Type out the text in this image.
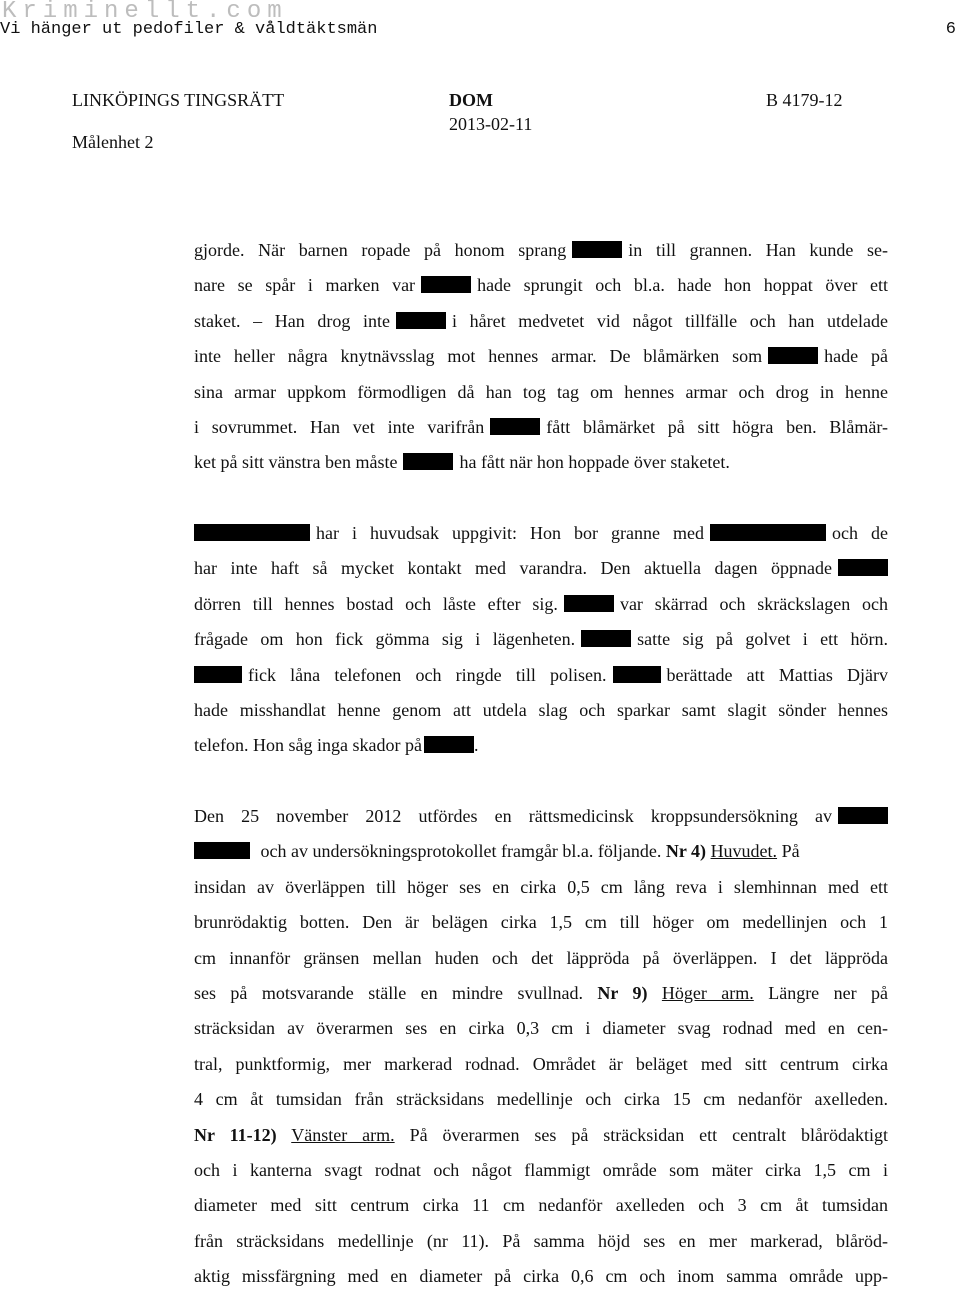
Kriminellt.com
Vi hänger ut pedofiler & våldtäktsmän	6
LINKÖPINGS TINGSRÄTT
Målenhet 2
DOM
2013-02-11
B 4179-12
gjorde. När barnen ropade på honom sprang	in till grannen. Han kunde se-
nare se spår i marken var	hade sprungit och bl.a. hade hon hoppat över ett
staket. – Han drog inte	i håret medvetet vid något tillfälle och han utdelade
inte heller några knytnävsslag mot hennes armar. De blåmärken som	hade på
sina armar uppkom förmodligen då han tog tag om hennes armar och drog in henne
i sovrummet. Han vet inte varifrån	fått blåmärket på sitt högra ben. Blåmär-
ket på sitt vänstra ben måste	ha fått när hon hoppade över staketet.
har i huvudsak uppgivit: Hon bor granne med	och de
har inte haft så mycket kontakt med varandra. Den aktuella dagen öppnade
dörren till hennes bostad och låste efter sig.	var skärrad och skräckslagen och
frågade om hon fick gömma sig i lägenheten.	satte sig på golvet i ett hörn.
fick låna telefonen och ringde till polisen.	berättade att Mattias Djärv
hade misshandlat henne genom att utdela slag och sparkar samt slagit sönder hennes
telefon. Hon såg inga skador på	.
Den 25 november 2012 utfördes en rättsmedicinsk kroppsundersökning av
och av undersökningsprotokollet framgår bl.a. följande. Nr 4) Huvudet. På
insidan av överläppen till höger ses en cirka 0,5 cm lång reva i slemhinnan med ett
brunrödaktig botten. Den är belägen cirka 1,5 cm till höger om medellinjen och 1
cm innanför gränsen mellan huden och det läppröda på överläppen. I det läppröda
ses på motsvarande ställe en mindre svullnad. Nr 9) Höger arm. Längre ner på
sträcksidan av överarmen ses en cirka 0,3 cm i diameter svag rodnad med en cen-
tral, punktformig, mer markerad rodnad. Området är beläget med sitt centrum cirka
4 cm åt tumsidan från sträcksidans medellinje och cirka 15 cm nedanför axelleden.
Nr 11-12) Vänster arm. På överarmen ses på sträcksidan ett centralt blårödaktigt
och i kanterna svagt rodnat och något flammigt område som mäter cirka 1,5 cm i
diameter med sitt centrum cirka 11 cm nedanför axelleden och 3 cm åt tumsidan
från sträcksidans medellinje (nr 11). På samma höjd ses en mer markerad, blåröd-
aktig missfärgning med en diameter på cirka 0,6 cm och inom samma område upp-
